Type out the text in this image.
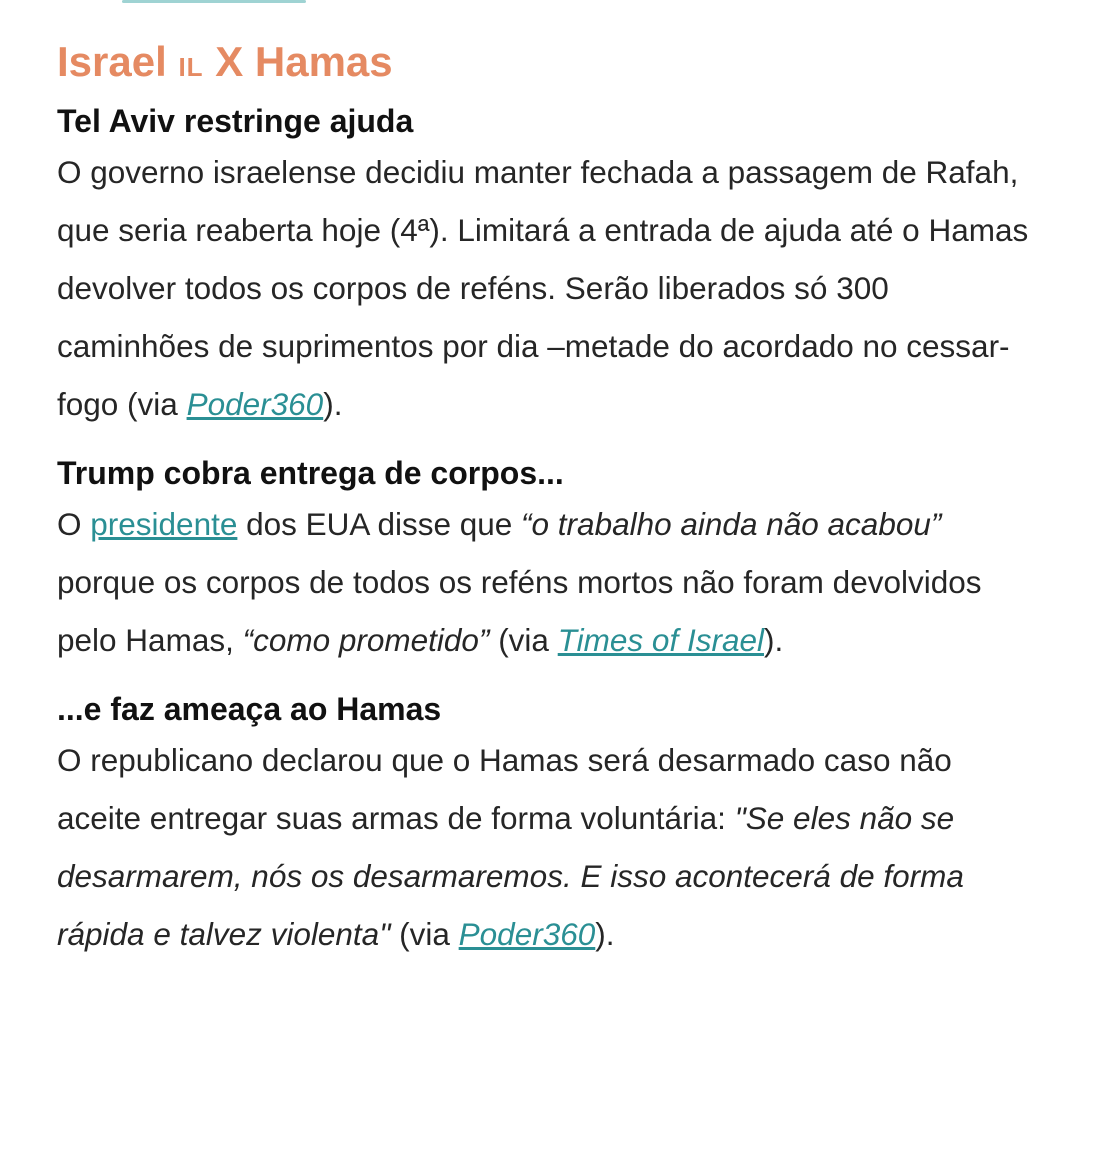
Israel IL X Hamas
Tel Aviv restringe ajuda

O governo israelense decidiu manter fechada a passagem de Rafah, que seria reaberta hoje (4ª). Limitará a entrada de ajuda até o Hamas devolver todos os corpos de reféns. Serão liberados só 300 caminhões de suprimentos por dia –metade do acordado no cessar-fogo (via Poder360).

Trump cobra entrega de corpos...

O presidente dos EUA disse que “o trabalho ainda não acabou” porque os corpos de todos os reféns mortos não foram devolvidos pelo Hamas, “como prometido” (via Times of Israel).

...e faz ameaça ao Hamas

O republicano declarou que o Hamas será desarmado caso não aceite entregar suas armas de forma voluntária: "Se eles não se desarmarem, nós os desarmaremos. E isso acontecerá de forma rápida e talvez violenta" (via Poder360).
